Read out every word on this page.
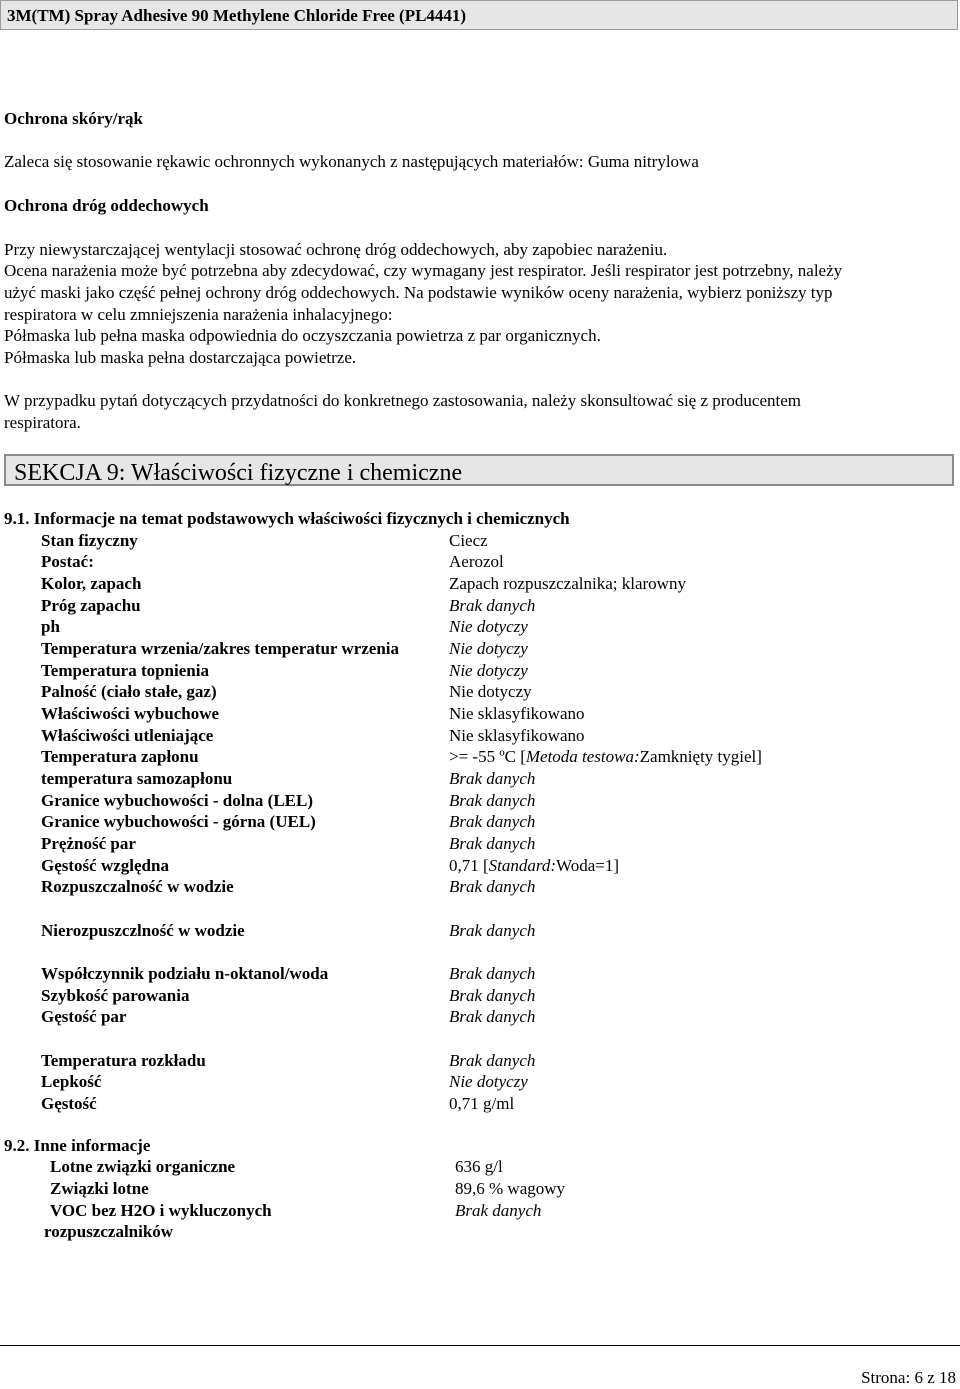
3M(TM) Spray Adhesive 90 Methylene Chloride Free (PL4441)
Ochrona skóry/rąk
Zaleca się stosowanie rękawic ochronnych wykonanych z następujących materiałów: Guma nitrylowa
Ochrona dróg oddechowych
Przy niewystarczającej wentylacji stosować ochronę dróg oddechowych, aby zapobiec narażeniu.
Ocena narażenia może być potrzebna aby zdecydować, czy wymagany jest respirator. Jeśli respirator jest potrzebny, należy
użyć maski jako część pełnej ochrony dróg oddechowych. Na podstawie wyników oceny narażenia, wybierz poniższy typ
respiratora w celu zmniejszenia narażenia inhalacyjnego:
Półmaska lub pełna maska odpowiednia do oczyszczania powietrza z par organicznych.
Półmaska lub maska pełna dostarczająca powietrze.
W przypadku pytań dotyczących przydatności do konkretnego zastosowania, należy skonsultować się z producentem
respiratora.
SEKCJA 9: Właściwości fizyczne i chemiczne
9.1. Informacje na temat podstawowych właściwości fizycznych i chemicznych
Stan fizyczny	Ciecz
Postać:	Aerozol
Kolor, zapach	Zapach rozpuszczalnika; klarowny
Próg zapachu	Brak danych
ph	Nie dotyczy
Temperatura wrzenia/zakres temperatur wrzenia	Nie dotyczy
Temperatura topnienia	Nie dotyczy
Palność (ciało stałe, gaz)	Nie dotyczy
Właściwości wybuchowe	Nie sklasyfikowano
Właściwości utleniające	Nie sklasyfikowano
Temperatura zapłonu	>= -55 ºC [Metoda testowa:Zamknięty tygiel]
temperatura samozapłonu	Brak danych
Granice wybuchowości - dolna (LEL)	Brak danych
Granice wybuchowości - górna (UEL)	Brak danych
Prężność par	Brak danych
Gęstość względna	0,71 [Standard:Woda=1]
Rozpuszczalność w wodzie	Brak danych
Nierozpuszczlność w wodzie	Brak danych
Współczynnik podziału n-oktanol/woda	Brak danych
Szybkość parowania	Brak danych
Gęstość par	Brak danych
Temperatura rozkładu	Brak danych
Lepkość	Nie dotyczy
Gęstość	0,71 g/ml
9.2. Inne informacje
Lotne związki organiczne	636 g/l
Związki lotne	89,6 % wagowy
VOC bez H2O i wykluczonych	Brak danych
rozpuszczalników
Strona: 6 z 18
